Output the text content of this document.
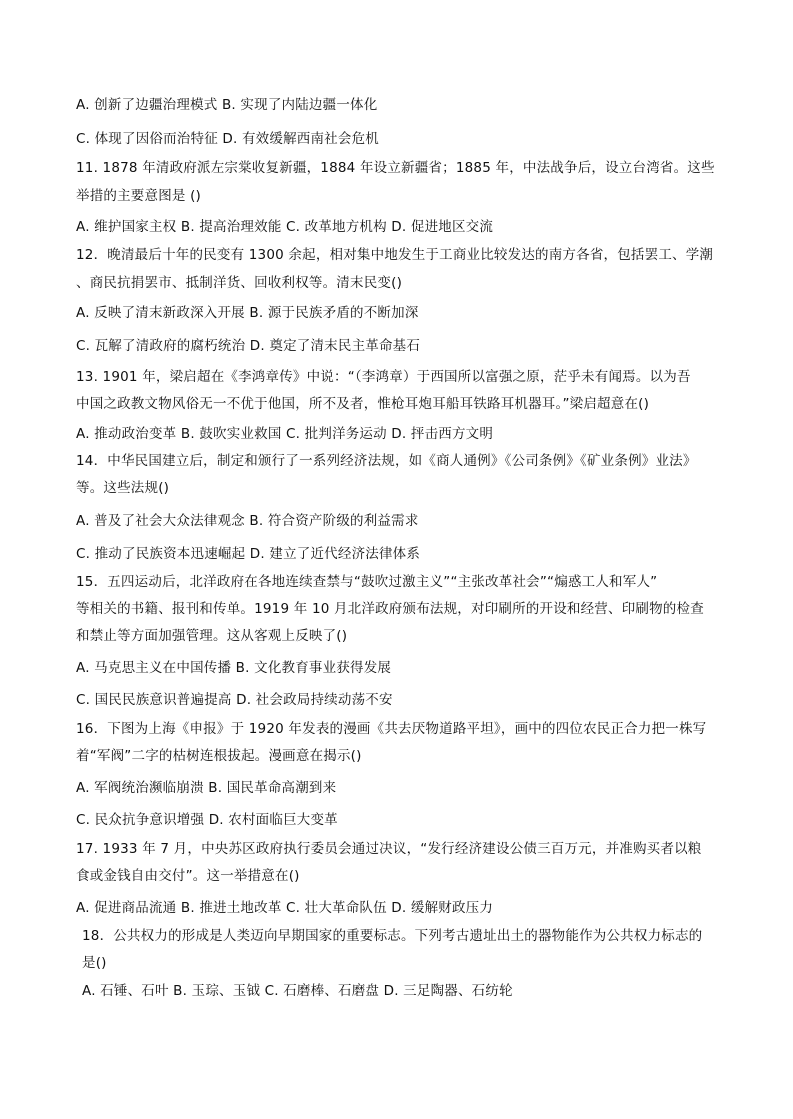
A. 创新了边疆治理模式 B. 实现了内陆边疆一体化
C. 体现了因俗而治特征 D. 有效缓解西南社会危机
11. 1878 年清政府派左宗棠收复新疆，1884 年设立新疆省；1885 年，中法战争后，设立台湾省。这些
举措的主要意图是 ()
A. 维护国家主权 B. 提高治理效能 C. 改革地方机构 D. 促进地区交流
12．晚清最后十年的民变有 1300 余起，相对集中地发生于工商业比较发达的南方各省，包括罢工、学潮
、商民抗捐罢市、抵制洋货、回收利权等。清末民变()
A. 反映了清末新政深入开展 B. 源于民族矛盾的不断加深
C. 瓦解了清政府的腐朽统治 D. 奠定了清末民主革命基石
13. 1901 年，梁启超在《李鸿章传》中说：“（李鸿章）于西国所以富强之原，茫乎未有闻焉。以为吾
中国之政教文物风俗无一不优于他国，所不及者，惟枪耳炮耳船耳铁路耳机器耳。”梁启超意在()
A. 推动政治变革 B. 鼓吹实业救国 C. 批判洋务运动 D. 抨击西方文明
14．中华民国建立后，制定和颁行了一系列经济法规，如《商人通例》《公司条例》《矿业条例》业法》
等。这些法规()
A. 普及了社会大众法律观念 B. 符合资产阶级的利益需求
C. 推动了民族资本迅速崛起 D. 建立了近代经济法律体系
15．五四运动后，北洋政府在各地连续查禁与“鼓吹过激主义”“主张改革社会”“煽惑工人和军人”
等相关的书籍、报刊和传单。1919 年 10 月北洋政府颁布法规，对印刷所的开设和经营、印刷物的检查
和禁止等方面加强管理。这从客观上反映了()
A. 马克思主义在中国传播 B. 文化教育事业获得发展
C. 国民民族意识普遍提高 D. 社会政局持续动荡不安
16．下图为上海《申报》于 1920 年发表的漫画《共去厌物道路平坦》，画中的四位农民正合力把一株写
着“军阀”二字的枯树连根拔起。漫画意在揭示()
A. 军阀统治濒临崩溃 B. 国民革命高潮到来
C. 民众抗争意识增强 D. 农村面临巨大变革
17. 1933 年 7 月，中央苏区政府执行委员会通过决议，“发行经济建设公债三百万元，并准购买者以粮
食或金钱自由交付”。这一举措意在()
A. 促进商品流通 B. 推进土地改革 C. 壮大革命队伍 D. 缓解财政压力
18．公共权力的形成是人类迈向早期国家的重要标志。下列考古遗址出土的器物能作为公共权力标志的
是()
A. 石锤、石叶 B. 玉琮、玉钺 C. 石磨棒、石磨盘 D. 三足陶器、石纺轮
